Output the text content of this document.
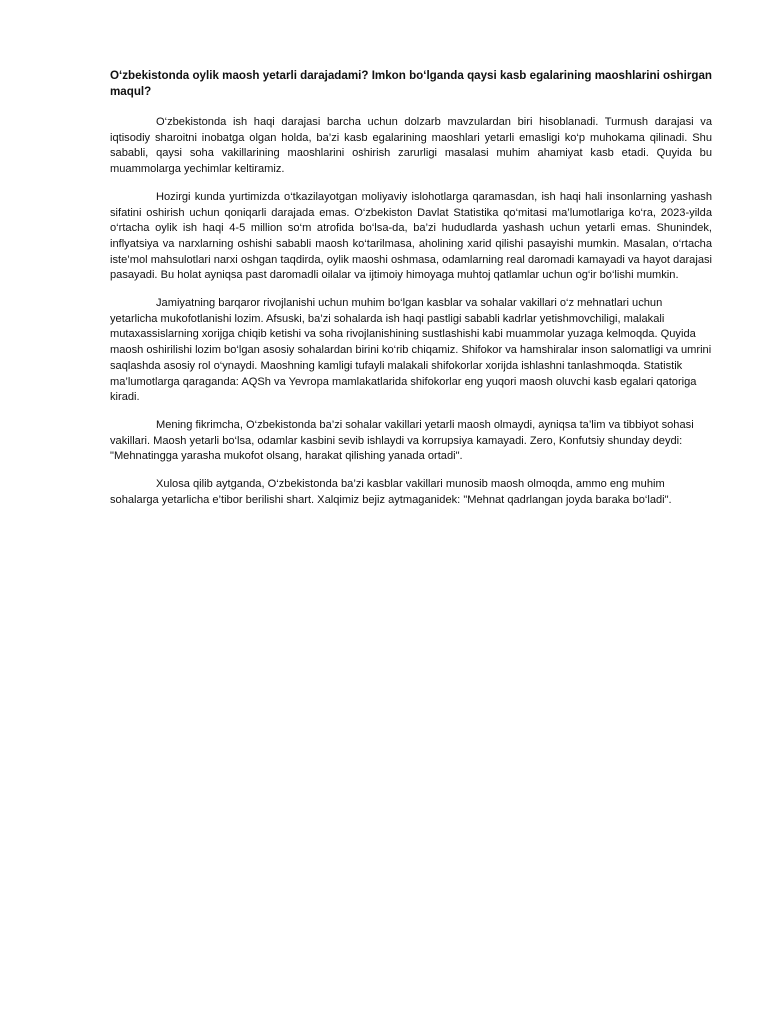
O‘zbekistonda oylik maosh yetarli darajadami? Imkon bo‘lganda qaysi kasb egalarining maoshlarini oshirgan maqul?

O‘zbekistonda ish haqi darajasi barcha uchun dolzarb mavzulardan biri hisoblanadi. Turmush darajasi va iqtisodiy sharoitni inobatga olgan holda, ba’zi kasb egalarining maoshlari yetarli emasligi ko‘p muhokama qilinadi. Shu sababli, qaysi soha vakillarining maoshlarini oshirish zarurligi masalasi muhim ahamiyat kasb etadi. Quyida bu muammolarga yechimlar keltiramiz.

Hozirgi kunda yurtimizda o‘tkazilayotgan moliyaviy islohotlarga qaramasdan, ish haqi hali insonlarning yashash sifatini oshirish uchun qoniqarli darajada emas. O‘zbekiston Davlat Statistika qo‘mitasi ma’lumotlariga ko‘ra, 2023-yilda o‘rtacha oylik ish haqi 4-5 million so‘m atrofida bo‘lsa-da, ba’zi hududlarda yashash uchun yetarli emas. Shunindek, inflyatsiya va narxlarning oshishi sababli maosh ko‘tarilmasa, aholining xarid qilishi pasayishi mumkin. Masalan, o‘rtacha iste’mol mahsulotlari narxi oshgan taqdirda, oylik maoshi oshmasa, odamlarning real daromadi kamayadi va hayot darajasi pasayadi. Bu holat ayniqsa past daromadli oilalar va ijtimoiy himoyaga muhtoj qatlamlar uchun og‘ir bo‘lishi mumkin.

Jamiyatning barqaror rivojlanishi uchun muhim bo‘lgan kasblar va sohalar vakillari o‘z mehnatlari uchun yetarlicha mukofotlanishi lozim. Afsuski, ba’zi sohalarda ish haqi pastligi sababli kadrlar yetishmovchiligi, malakali mutaxassislarning xorijga chiqib ketishi va soha rivojlanishining sustlashishi kabi muammolar yuzaga kelmoqda. Quyida maosh oshirilishi lozim bo‘lgan asosiy sohalardan birini ko‘rib chiqamiz. Shifokor va hamshiralar inson salomatligi va umrini saqlashda asosiy rol o‘ynaydi. Maoshning kamligi tufayli malakali shifokorlar xorijda ishlashni tanlashmoqda. Statistik ma’lumotlarga qaraganda: AQSh va Yevropa mamlakatlarida shifokorlar eng yuqori maosh oluvchi kasb egalari qatoriga kiradi.

Mening fikrimcha, O‘zbekistonda ba’zi sohalar vakillari yetarli maosh olmaydi, ayniqsa ta’lim va tibbiyot sohasi vakillari. Maosh yetarli bo‘lsa, odamlar kasbini sevib ishlaydi va korrupsiya kamayadi. Zero, Konfutsiy shunday deydi: "Mehnatingga yarasha mukofot olsang, harakat qilishing yanada ortadi".

Xulosa qilib aytganda, O‘zbekistonda ba’zi kasblar vakillari munosib maosh olmoqda, ammo eng muhim sohalarga yetarlicha e’tibor berilishi shart. Xalqimiz bejiz aytmaganidek: "Mehnat qadrlangan joyda baraka bo‘ladi".
